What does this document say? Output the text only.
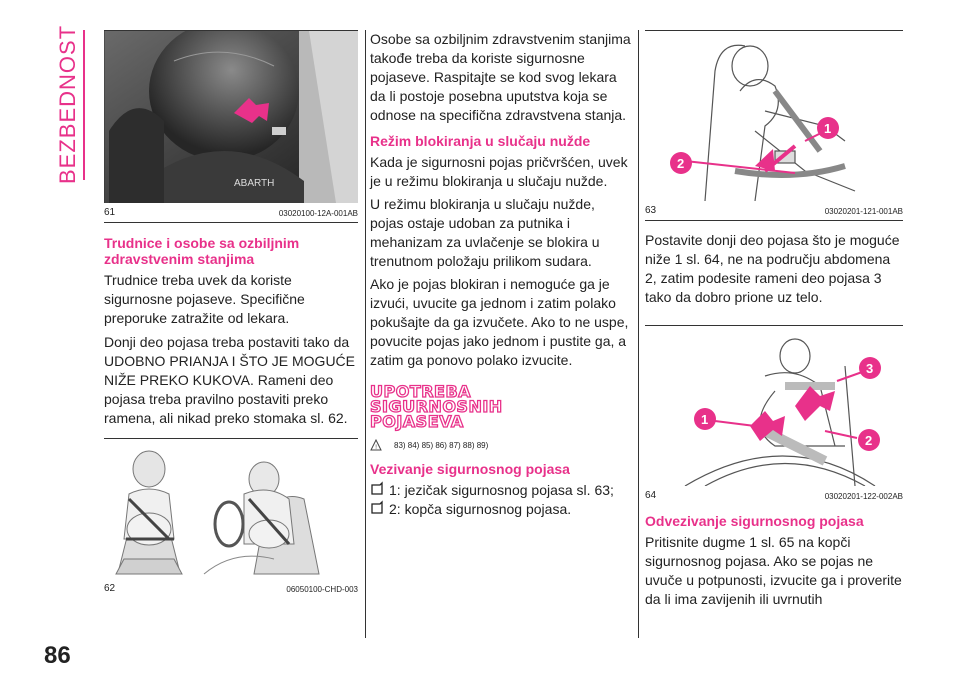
BEZBEDNOST
86
ABARTH
61	03020100-12A-001AB
Trudnice i osobe sa ozbiljnim
zdravstvenim stanjima

Trudnice treba uvek da koriste sigurnosne pojaseve. Specifične preporuke zatražite od lekara.

Donji deo pojasa treba postaviti tako da UDOBNO PRIANJA I ŠTO JE MOGUĆE NIŽE PREKO KUKOVA. Rameni deo pojasa treba pravilno postaviti preko ramena, ali nikad preko stomaka sl. 62.

62	06050100-CHD-003

Osobe sa ozbiljnim zdravstvenim stanjima takođe treba da koriste sigurnosne pojaseve. Raspitajte se kod svog lekara da li postoje posebna uputstva koja se odnose na specifična zdravstvena stanja.

Režim blokiranja u slučaju nužde

Kada je sigurnosni pojas pričvršćen, uvek je u režimu blokiranja u slučaju nužde.

U režimu blokiranja u slučaju nužde, pojas ostaje udoban za putnika i mehanizam za uvlačenje se blokira u trenutnom položaju prilikom sudara.

Ako je pojas blokiran i nemoguće ga je izvući, uvucite ga jednom i zatim polako pokušajte da ga izvučete. Ako to ne uspe, povucite pojas jako jednom i pustite ga, a zatim ga ponovo polako izvucite.

UPOTREBA
SIGURNOSNIH
POJASEVA
! 83) 84) 85) 86) 87) 88) 89)
Vezivanje sigurnosnog pojasa
1: jezičak sigurnosnog pojasa sl. 63;
2: kopča sigurnosnog pojasa.
1
2
63	03020201-121-001AB

Postavite donji deo pojasa što je moguće niže 1 sl. 64, ne na području abdomena 2, zatim podesite rameni deo pojasa 3 tako da dobro prione uz telo.

3
1
2
64	03020201-122-002AB
Odvezivanje sigurnosnog pojasa

Pritisnite dugme 1 sl. 65 na kopči sigurnosnog pojasa. Ako se pojas ne uvuče u potpunosti, izvucite ga i proverite da li ima zavijenih ili uvrnutih
